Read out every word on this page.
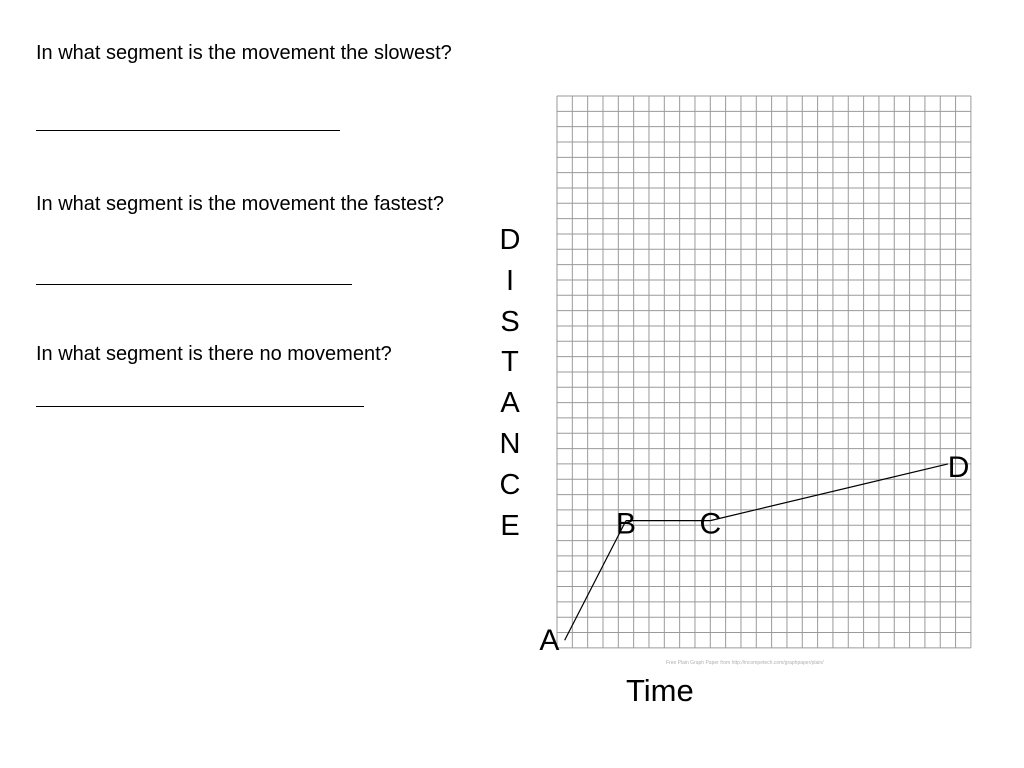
In what segment is the movement the slowest?

In what segment is the movement the fastest?

In what segment is there no movement?

A
B C
D
D
I
S
T
A
N
C
E
Time
Free Plain Graph Paper from http://incompetech.com/graphpaper/plain/
